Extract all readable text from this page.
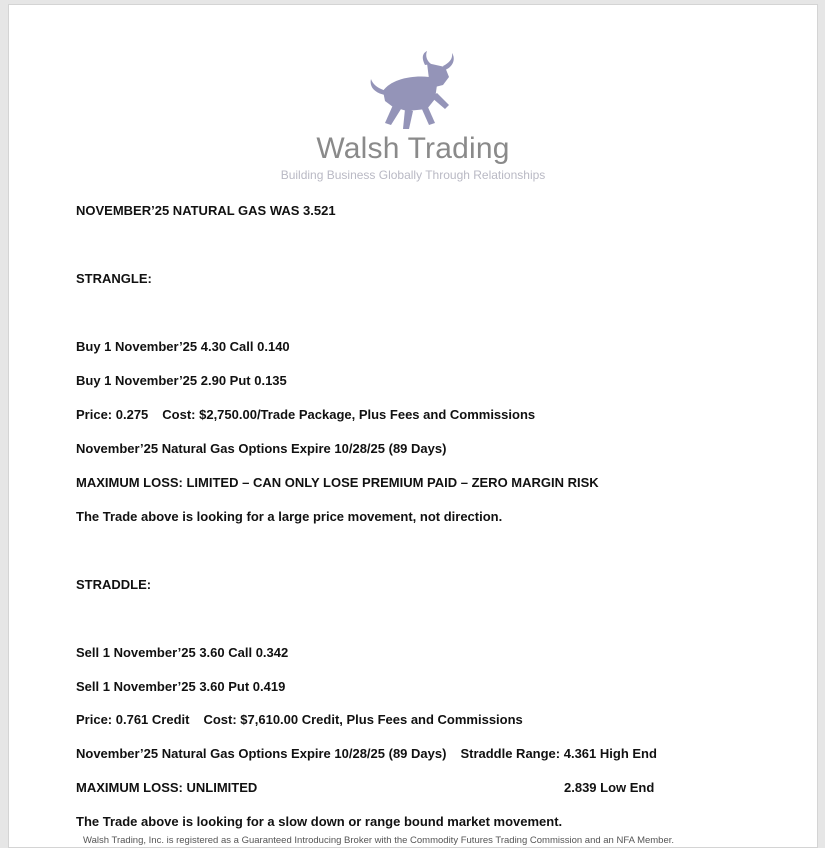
Walsh Trading
Building Business Globally Through Relationships
NOVEMBER’25 NATURAL GAS WAS 3.521
STRANGLE:
Buy 1 November’25 4.30 Call 0.140
Buy 1 November’25 2.90 Put 0.135
Price: 0.275 Cost: $2,750.00/Trade Package, Plus Fees and Commissions
November’25 Natural Gas Options Expire 10/28/25 (89 Days)
MAXIMUM LOSS: LIMITED – CAN ONLY LOSE PREMIUM PAID – ZERO MARGIN RISK
The Trade above is looking for a large price movement, not direction.
STRADDLE:
Sell 1 November’25 3.60 Call 0.342
Sell 1 November’25 3.60 Put 0.419
Price: 0.761 Credit Cost: $7,610.00 Credit, Plus Fees and Commissions
November’25 Natural Gas Options Expire 10/28/25 (89 Days) Straddle Range: 4.361 High End
MAXIMUM LOSS: UNLIMITED	2.839 Low End
The Trade above is looking for a slow down or range bound market movement.
Walsh Trading, Inc. is registered as a Guaranteed Introducing Broker with the Commodity Futures Trading Commission and an NFA Member.
